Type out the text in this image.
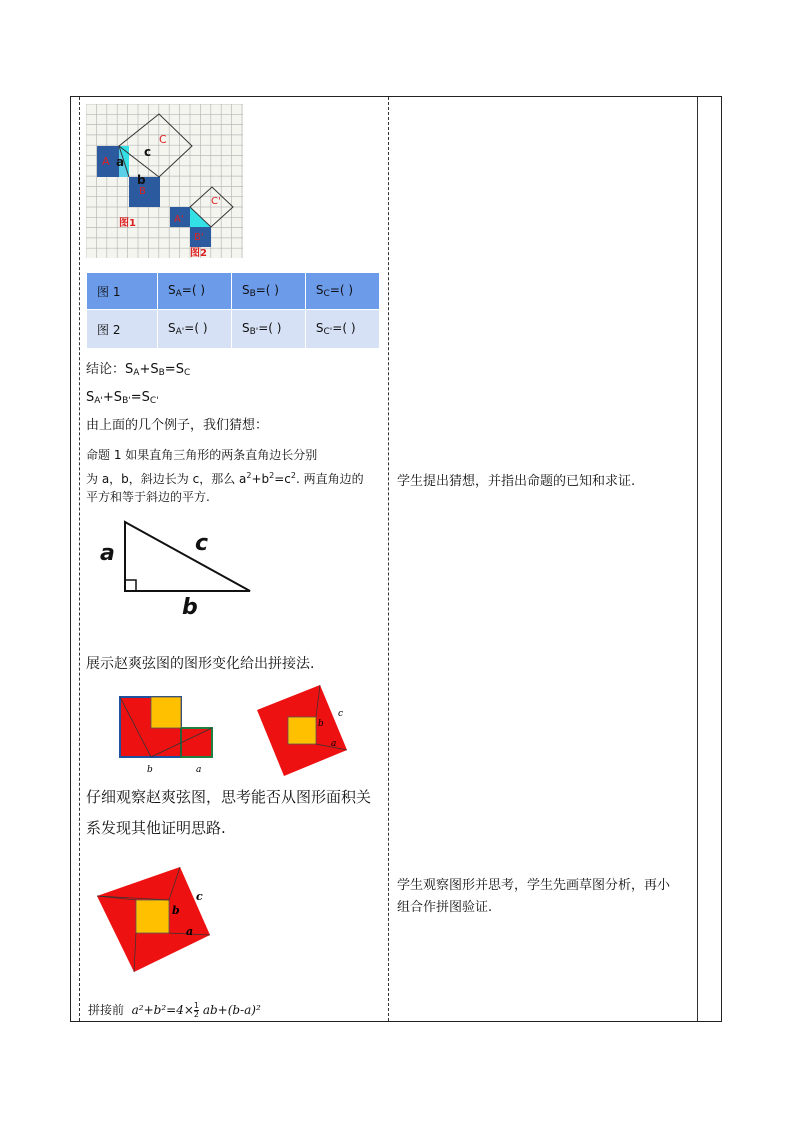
A a
c
b
B
C
图1	A'
B'
C'
图2
图 1	$S_A=$( )	$S_B=$( )	$S_C=$( )
图 2	$S_{A'}=$( )	$S_{B'}=$( )	$S_{C'}=$( )
结论：$S_A+S_B=S_C$
$S_{A'}+S_{B'}=S_{C'}$
由上面的几个例子，我们猜想：
命题 1 如果直角三角形的两条直角边长分别
为 a，b，斜边长为 c，那么 $a^2+b^2=c^2$. 两直角边的
平方和等于斜边的平方.
a	c
b
展示赵爽弦图的图形变化给出拼接法.
b	a
b
c
a
仔细观察赵爽弦图，思考能否从图形面积关
系发现其他证明思路.
c
b
a
拼接前 $a^2+b^2=4\times \frac{1}{2} ab+(b-a)^2$
学生提出猜想，并指出命题的已知和求证.
学生观察图形并思考，学生先画草图分析，再小
组合作拼图验证.
